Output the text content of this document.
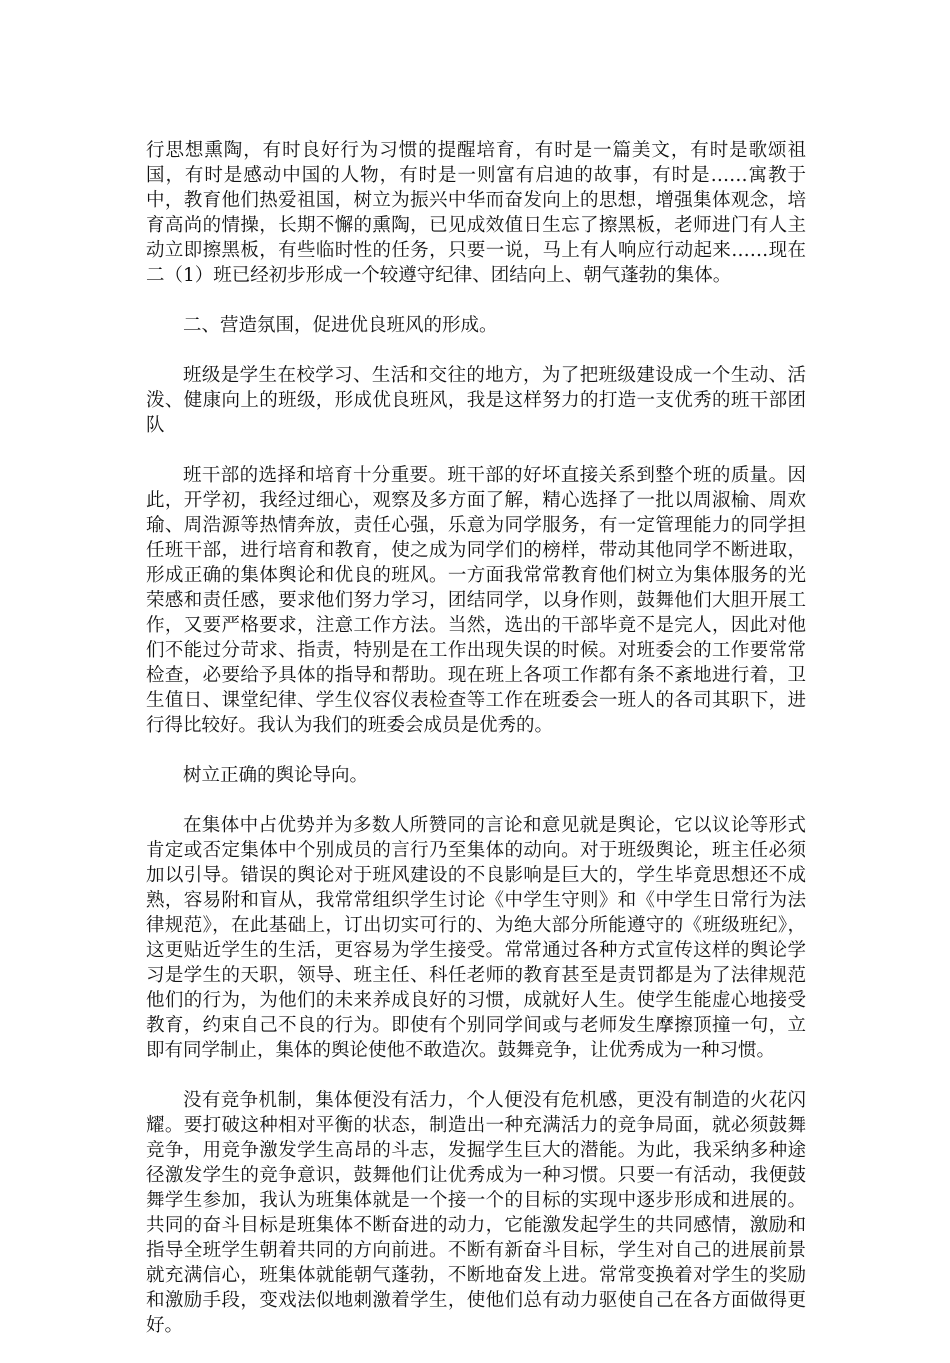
行思想熏陶，有时良好行为习惯的提醒培育，有时是一篇美文，有时是歌颂祖国，有时是感动中国的人物，有时是一则富有启迪的故事，有时是……寓教于中，教育他们热爱祖国，树立为振兴中华而奋发向上的思想，增强集体观念，培育高尚的情操，长期不懈的熏陶，已见成效值日生忘了擦黑板，老师进门有人主动立即擦黑板，有些临时性的任务，只要一说，马上有人响应行动起来……现在二（1）班已经初步形成一个较遵守纪律、团结向上、朝气蓬勃的集体。

二、营造氛围，促进优良班风的形成。

班级是学生在校学习、生活和交往的地方，为了把班级建设成一个生动、活泼、健康向上的班级，形成优良班风，我是这样努力的打造一支优秀的班干部团队

班干部的选择和培育十分重要。班干部的好坏直接关系到整个班的质量。因此，开学初，我经过细心，观察及多方面了解，精心选择了一批以周淑榆、周欢瑜、周浩源等热情奔放，责任心强，乐意为同学服务，有一定管理能力的同学担任班干部，进行培育和教育，使之成为同学们的榜样，带动其他同学不断进取，形成正确的集体舆论和优良的班风。一方面我常常教育他们树立为集体服务的光荣感和责任感，要求他们努力学习，团结同学，以身作则，鼓舞他们大胆开展工作，又要严格要求，注意工作方法。当然，选出的干部毕竟不是完人，因此对他们不能过分苛求、指责，特别是在工作出现失误的时候。对班委会的工作要常常检查，必要给予具体的指导和帮助。现在班上各项工作都有条不紊地进行着，卫生值日、课堂纪律、学生仪容仪表检查等工作在班委会一班人的各司其职下，进行得比较好。我认为我们的班委会成员是优秀的。

树立正确的舆论导向。

在集体中占优势并为多数人所赞同的言论和意见就是舆论，它以议论等形式肯定或否定集体中个别成员的言行乃至集体的动向。对于班级舆论，班主任必须加以引导。错误的舆论对于班风建设的不良影响是巨大的，学生毕竟思想还不成熟，容易附和盲从，我常常组织学生讨论《中学生守则》和《中学生日常行为法律规范》，在此基础上，订出切实可行的、为绝大部分所能遵守的《班级班纪》，这更贴近学生的生活，更容易为学生接受。常常通过各种方式宣传这样的舆论学习是学生的天职，领导、班主任、科任老师的教育甚至是责罚都是为了法律规范他们的行为，为他们的未来养成良好的习惯，成就好人生。使学生能虚心地接受教育，约束自己不良的行为。即使有个别同学间或与老师发生摩擦顶撞一句，立即有同学制止，集体的舆论使他不敢造次。鼓舞竞争，让优秀成为一种习惯。

没有竞争机制，集体便没有活力，个人便没有危机感，更没有制造的火花闪耀。要打破这种相对平衡的状态，制造出一种充满活力的竞争局面，就必须鼓舞竞争，用竞争激发学生高昂的斗志，发掘学生巨大的潜能。为此，我采纳多种途径激发学生的竞争意识，鼓舞他们让优秀成为一种习惯。只要一有活动，我便鼓舞学生参加，我认为班集体就是一个接一个的目标的实现中逐步形成和进展的。共同的奋斗目标是班集体不断奋进的动力，它能激发起学生的共同感情，激励和指导全班学生朝着共同的方向前进。不断有新奋斗目标，学生对自己的进展前景就充满信心，班集体就能朝气蓬勃，不断地奋发上进。常常变换着对学生的奖励和激励手段，变戏法似地刺激着学生，使他们总有动力驱使自己在各方面做得更好。
